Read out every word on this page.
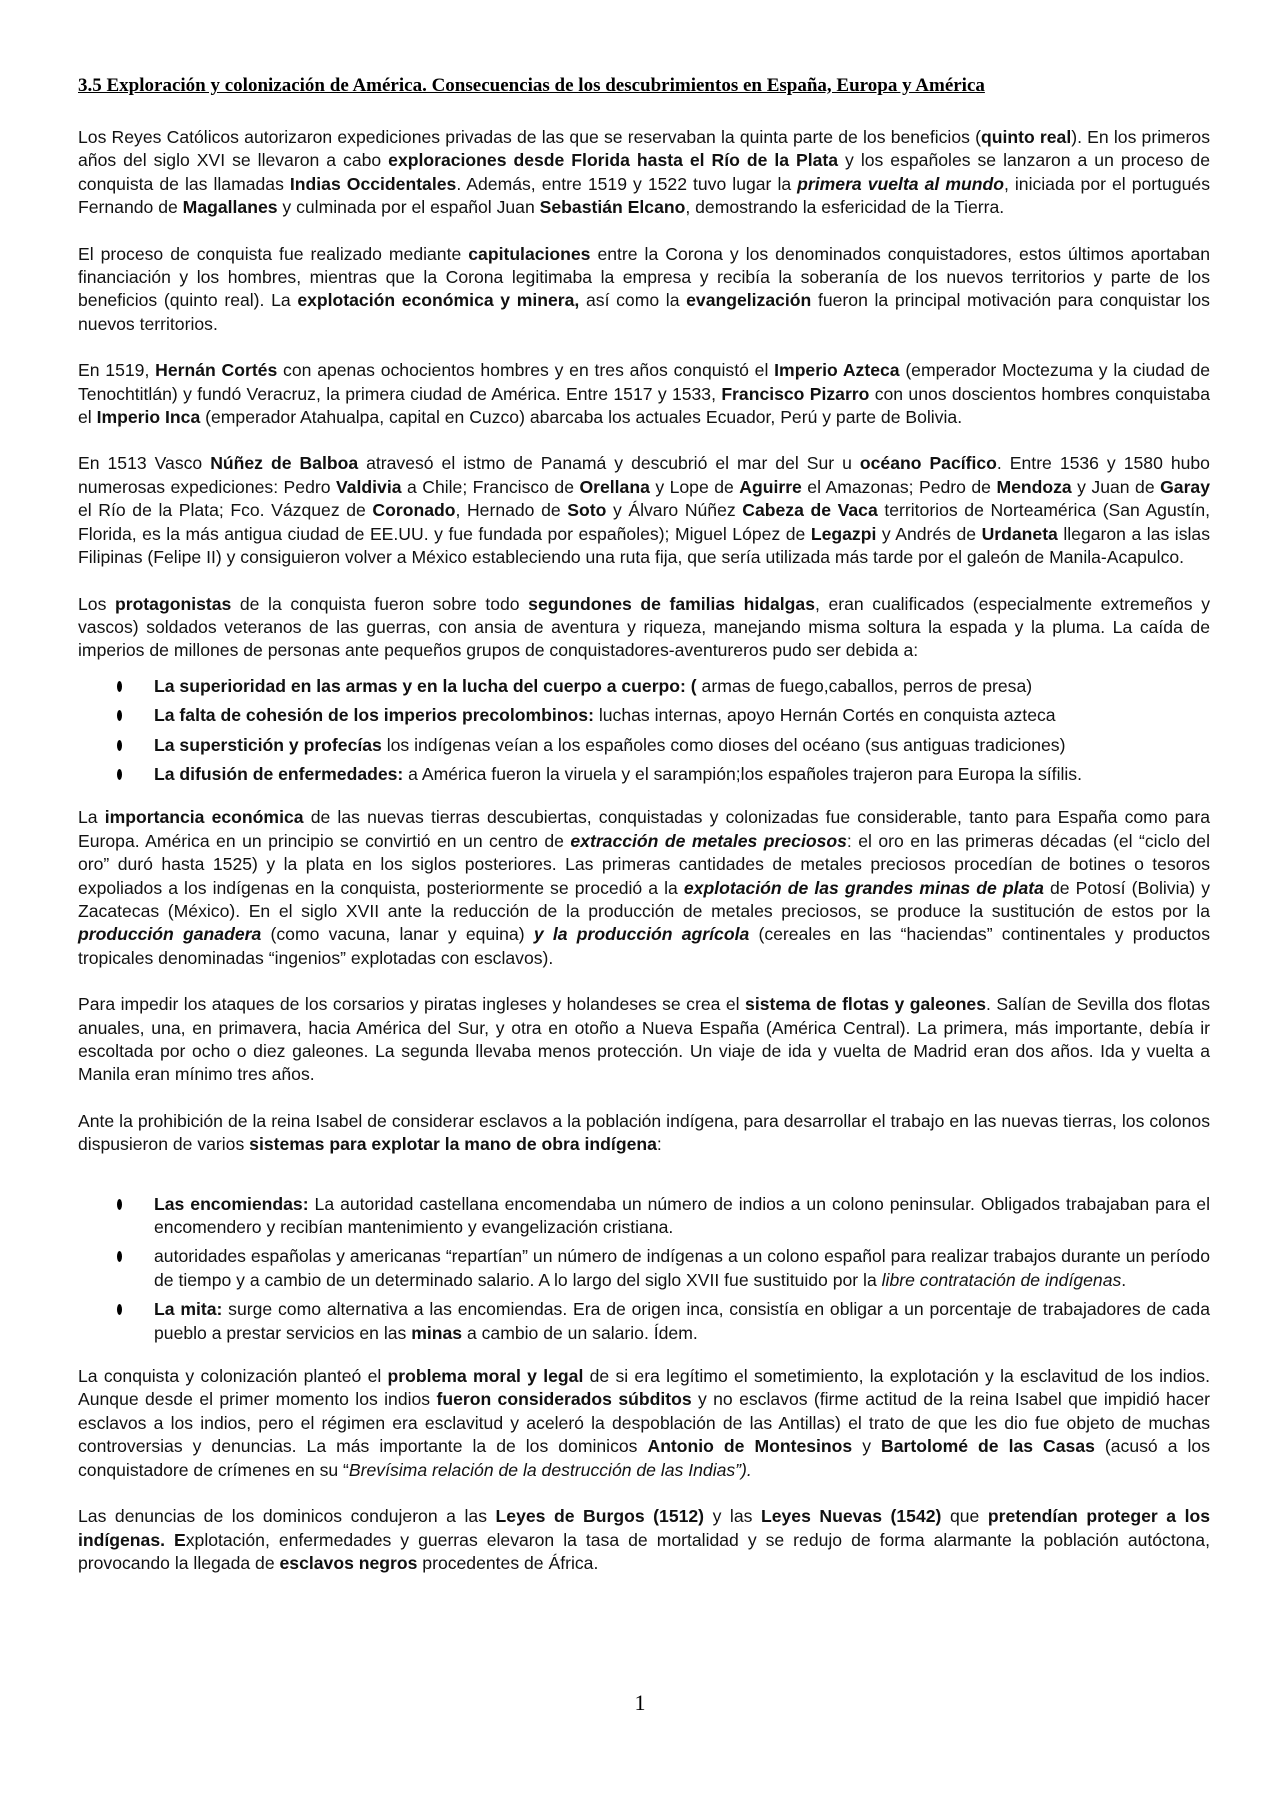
3.5 Exploración y colonización de América. Consecuencias de los descubrimientos en España, Europa y América

Los Reyes Católicos autorizaron expediciones privadas de las que se reservaban la quinta parte de los beneficios (quinto real). En los primeros años del siglo XVI se llevaron a cabo exploraciones desde Florida hasta el Río de la Plata y los españoles se lanzaron a un proceso de conquista de las llamadas Indias Occidentales. Además, entre 1519 y 1522 tuvo lugar la primera vuelta al mundo, iniciada por el portugués Fernando de Magallanes y culminada por el español Juan Sebastián Elcano, demostrando la esfericidad de la Tierra.

El proceso de conquista fue realizado mediante capitulaciones entre la Corona y los denominados conquistadores, estos últimos aportaban financiación y los hombres, mientras que la Corona legitimaba la empresa y recibía la soberanía de los nuevos territorios y parte de los beneficios (quinto real). La explotación económica y minera, así como la evangelización fueron la principal motivación para conquistar los nuevos territorios.

En 1519, Hernán Cortés con apenas ochocientos hombres y en tres años conquistó el Imperio Azteca (emperador Moctezuma y la ciudad de Tenochtitlán) y fundó Veracruz, la primera ciudad de América. Entre 1517 y 1533, Francisco Pizarro con unos doscientos hombres conquistaba el Imperio Inca (emperador Atahualpa, capital en Cuzco) abarcaba los actuales Ecuador, Perú y parte de Bolivia.

En 1513 Vasco Núñez de Balboa atravesó el istmo de Panamá y descubrió el mar del Sur u océano Pacífico. Entre 1536 y 1580 hubo numerosas expediciones: Pedro Valdivia a Chile; Francisco de Orellana y Lope de Aguirre el Amazonas; Pedro de Mendoza y Juan de Garay el Río de la Plata; Fco. Vázquez de Coronado, Hernado de Soto y Álvaro Núñez Cabeza de Vaca territorios de Norteamérica (San Agustín, Florida, es la más antigua ciudad de EE.UU. y fue fundada por españoles); Miguel López de Legazpi y Andrés de Urdaneta llegaron a las islas Filipinas (Felipe II) y consiguieron volver a México estableciendo una ruta fija, que sería utilizada más tarde por el galeón de Manila-Acapulco.

Los protagonistas de la conquista fueron sobre todo segundones de familias hidalgas, eran cualificados (especialmente extremeños y vascos) soldados veteranos de las guerras, con ansia de aventura y riqueza, manejando misma soltura la espada y la pluma. La caída de imperios de millones de personas ante pequeños grupos de conquistadores-aventureros pudo ser debida a:

La superioridad en las armas y en la lucha del cuerpo a cuerpo: ( armas de fuego,caballos, perros de presa)
La falta de cohesión de los imperios precolombinos: luchas internas, apoyo Hernán Cortés en conquista azteca
La superstición y profecías los indígenas veían a los españoles como dioses del océano (sus antiguas tradiciones)
La difusión de enfermedades: a América fueron la viruela y el sarampión;los españoles trajeron para Europa la sífilis.

La importancia económica de las nuevas tierras descubiertas, conquistadas y colonizadas fue considerable, tanto para España como para Europa. América en un principio se convirtió en un centro de extracción de metales preciosos: el oro en las primeras décadas (el “ciclo del oro” duró hasta 1525) y la plata en los siglos posteriores. Las primeras cantidades de metales preciosos procedían de botines o tesoros expoliados a los indígenas en la conquista, posteriormente se procedió a la explotación de las grandes minas de plata de Potosí (Bolivia) y Zacatecas (México). En el siglo XVII ante la reducción de la producción de metales preciosos, se produce la sustitución de estos por la producción ganadera (como vacuna, lanar y equina) y la producción agrícola (cereales en las “haciendas” continentales y productos tropicales denominadas “ingenios” explotadas con esclavos).

Para impedir los ataques de los corsarios y piratas ingleses y holandeses se crea el sistema de flotas y galeones. Salían de Sevilla dos flotas anuales, una, en primavera, hacia América del Sur, y otra en otoño a Nueva España (América Central). La primera, más importante, debía ir escoltada por ocho o diez galeones. La segunda llevaba menos protección. Un viaje de ida y vuelta de Madrid eran dos años. Ida y vuelta a Manila eran mínimo tres años.

Ante la prohibición de la reina Isabel de considerar esclavos a la población indígena, para desarrollar el trabajo en las nuevas tierras, los colonos dispusieron de varios sistemas para explotar la mano de obra indígena:

Las encomiendas: La autoridad castellana encomendaba un número de indios a un colono peninsular. Obligados trabajaban para el encomendero y recibían mantenimiento y evangelización cristiana.
autoridades españolas y americanas “repartían” un número de indígenas a un colono español para realizar trabajos durante un período de tiempo y a cambio de un determinado salario. A lo largo del siglo XVII fue sustituido por la libre contratación de indígenas.
La mita: surge como alternativa a las encomiendas. Era de origen inca, consistía en obligar a un porcentaje de trabajadores de cada pueblo a prestar servicios en las minas a cambio de un salario. Ídem.

La conquista y colonización planteó el problema moral y legal de si era legítimo el sometimiento, la explotación y la esclavitud de los indios. Aunque desde el primer momento los indios fueron considerados súbditos y no esclavos (firme actitud de la reina Isabel que impidió hacer esclavos a los indios, pero el régimen era esclavitud y aceleró la despoblación de las Antillas) el trato de que les dio fue objeto de muchas controversias y denuncias. La más importante la de los dominicos Antonio de Montesinos y Bartolomé de las Casas (acusó a los conquistadore de crímenes en su “Brevísima relación de la destrucción de las Indias”).

Las denuncias de los dominicos condujeron a las Leyes de Burgos (1512) y las Leyes Nuevas (1542) que pretendían proteger a los indígenas. Explotación, enfermedades y guerras elevaron la tasa de mortalidad y se redujo de forma alarmante la población autóctona, provocando la llegada de esclavos negros procedentes de África.

1
